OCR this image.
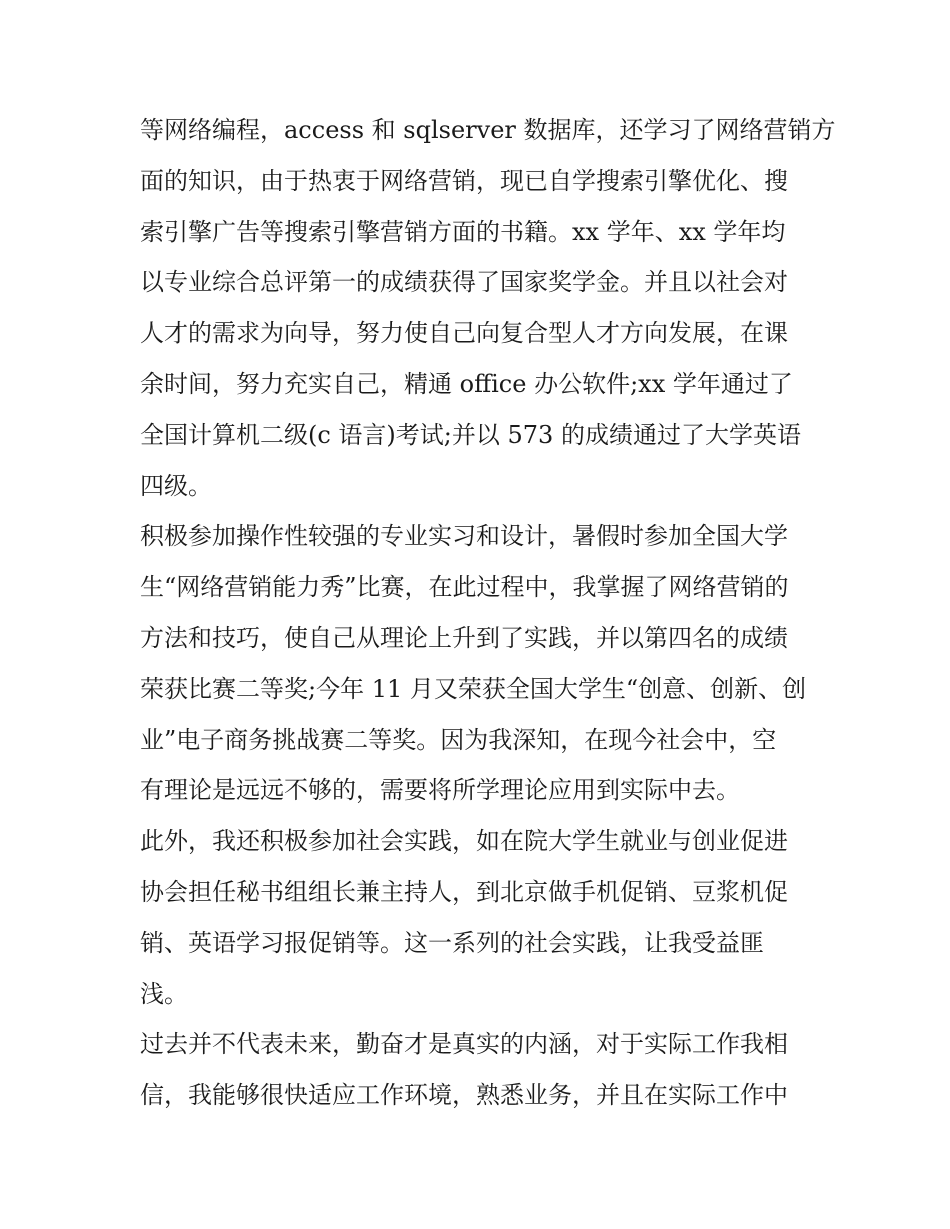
等网络编程，access 和 sqlserver 数据库，还学习了网络营销方
面的知识，由于热衷于网络营销，现已自学搜索引擎优化、搜
索引擎广告等搜索引擎营销方面的书籍。xx 学年、xx 学年均
以专业综合总评第一的成绩获得了国家奖学金。并且以社会对
人才的需求为向导，努力使自己向复合型人才方向发展，在课
余时间，努力充实自己，精通 office 办公软件;xx 学年通过了
全国计算机二级(c 语言)考试;并以 573 的成绩通过了大学英语
四级。
积极参加操作性较强的专业实习和设计，暑假时参加全国大学
生“网络营销能力秀”比赛，在此过程中，我掌握了网络营销的
方法和技巧，使自己从理论上升到了实践，并以第四名的成绩
荣获比赛二等奖;今年 11 月又荣获全国大学生“创意、创新、创
业”电子商务挑战赛二等奖。因为我深知，在现今社会中，空
有理论是远远不够的，需要将所学理论应用到实际中去。
此外，我还积极参加社会实践，如在院大学生就业与创业促进
协会担任秘书组组长兼主持人，到北京做手机促销、豆浆机促
销、英语学习报促销等。这一系列的社会实践，让我受益匪
浅。
过去并不代表未来，勤奋才是真实的内涵，对于实际工作我相
信，我能够很快适应工作环境，熟悉业务，并且在实际工作中
